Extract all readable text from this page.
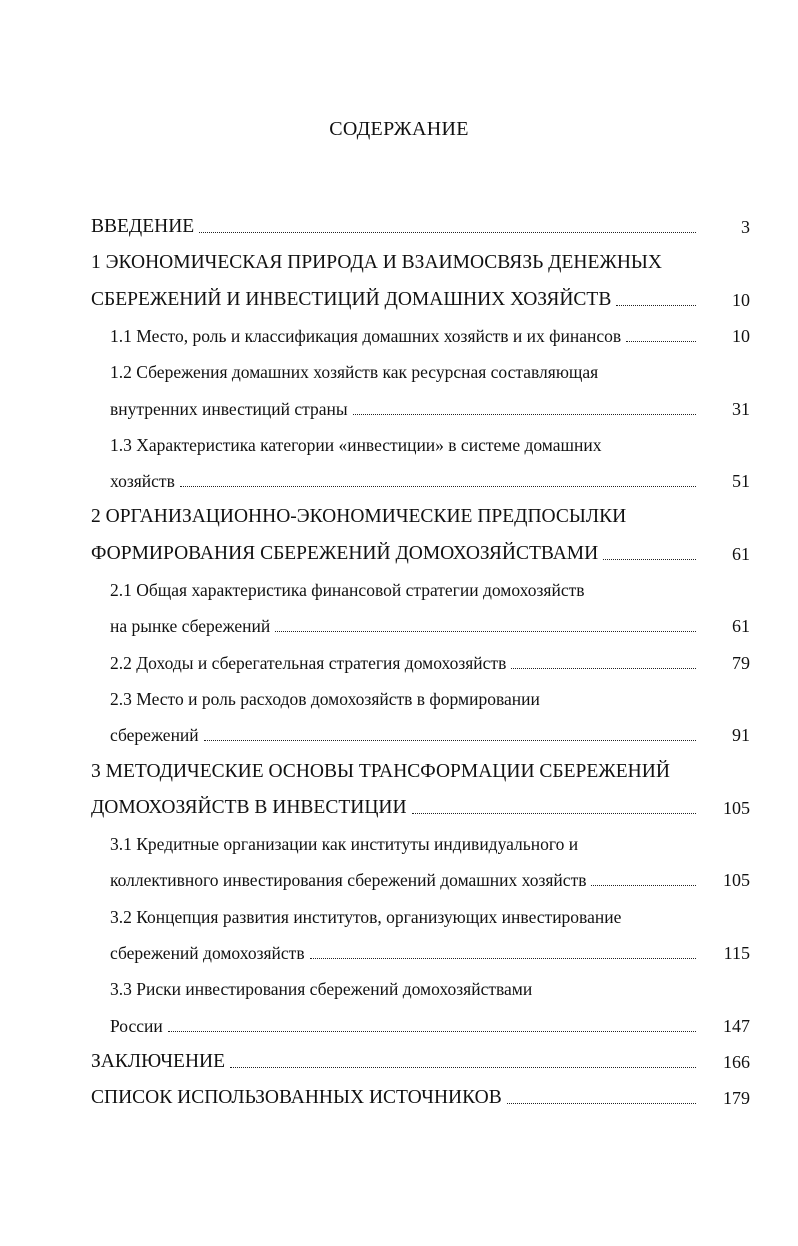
СОДЕРЖАНИЕ
ВВЕДЕНИЕ	3
1 ЭКОНОМИЧЕСКАЯ ПРИРОДА И ВЗАИМОСВЯЗЬ ДЕНЕЖНЫХ
СБЕРЕЖЕНИЙ И ИНВЕСТИЦИЙ ДОМАШНИХ ХОЗЯЙСТВ	10
1.1 Место, роль и классификация домашних хозяйств и их финансов	10
1.2 Сбережения домашних хозяйств как ресурсная составляющая
внутренних инвестиций страны	31
1.3 Характеристика категории «инвестиции» в системе домашних
хозяйств	51
2 ОРГАНИЗАЦИОННО-ЭКОНОМИЧЕСКИЕ ПРЕДПОСЫЛКИ
ФОРМИРОВАНИЯ СБЕРЕЖЕНИЙ ДОМОХОЗЯЙСТВАМИ	61
2.1 Общая характеристика финансовой стратегии домохозяйств
на рынке сбережений	61
2.2 Доходы и сберегательная стратегия домохозяйств	79
2.3 Место и роль расходов домохозяйств в формировании
сбережений	91
3 МЕТОДИЧЕСКИЕ ОСНОВЫ ТРАНСФОРМАЦИИ СБЕРЕЖЕНИЙ
ДОМОХОЗЯЙСТВ В ИНВЕСТИЦИИ	105
3.1 Кредитные организации как институты индивидуального и
коллективного инвестирования сбережений домашних хозяйств	105
3.2 Концепция развития институтов, организующих инвестирование
сбережений домохозяйств	115
3.3 Риски инвестирования сбережений домохозяйствами
России	147
ЗАКЛЮЧЕНИЕ	166
СПИСОК ИСПОЛЬЗОВАННЫХ ИСТОЧНИКОВ	179
